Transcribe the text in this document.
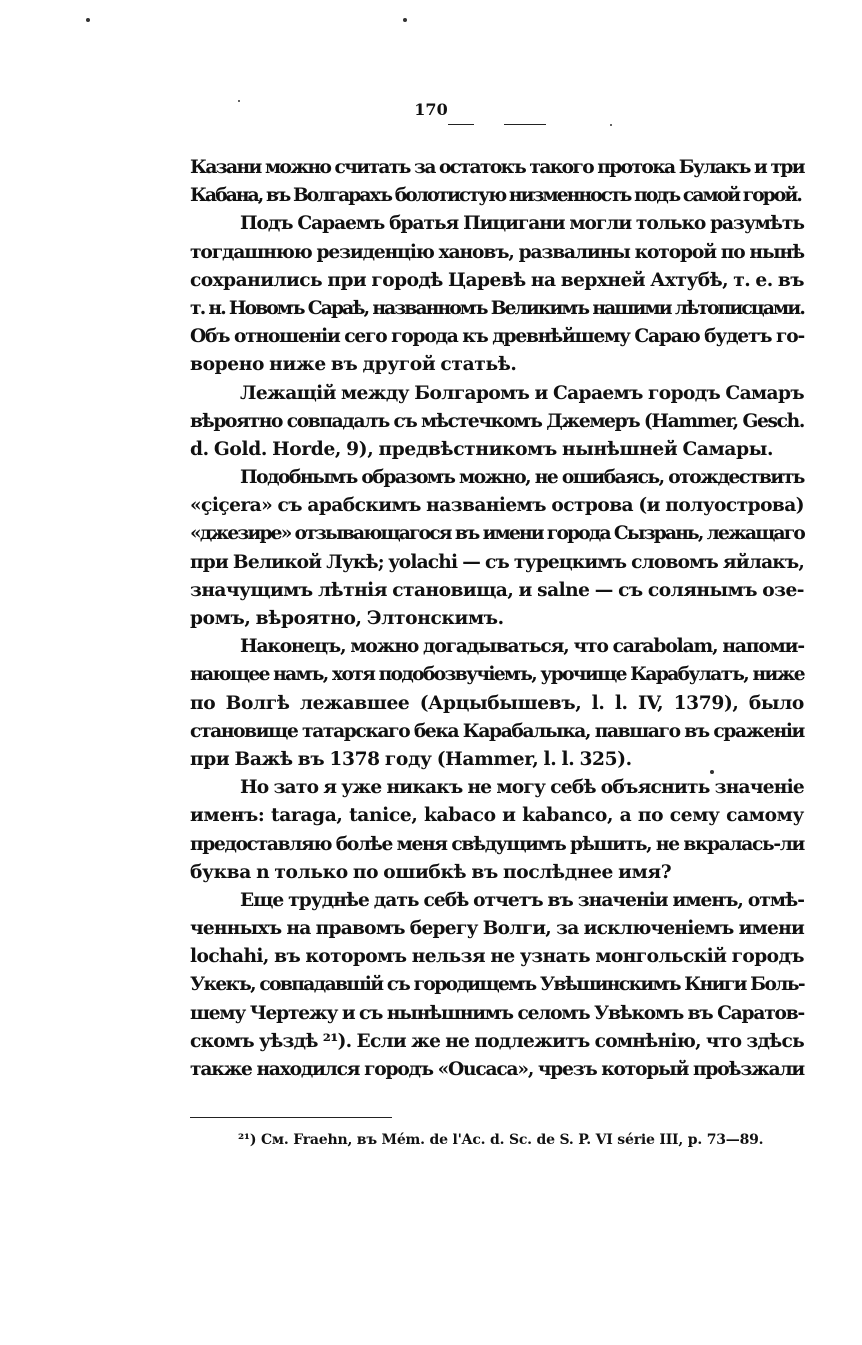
170
Казани можно считать за остатокъ такого протока Булакъ и три
Кабана, въ Волгарахъ болотистую низменность подъ самой горой.
Подъ Сараемъ братья Пицигани могли только разумѣть
тогдашнюю резиденцію хановъ, развалины которой по нынѣ
сохранились при городѣ Царевѣ на верхней Ахтубѣ, т. е. въ
т. н. Новомъ Сараѣ, названномъ Великимъ нашими лѣтописцами.
Объ отношеніи сего города къ древнѣйшему Сараю будетъ го-
ворено ниже въ другой статьѣ.
Лежащій между Болгаромъ и Сараемъ городъ Самаръ
вѣроятно совпадалъ съ мѣстечкомъ Джемеръ (Hammer, Gesch.
d. Gold. Horde, 9), предвѣстникомъ нынѣшней Самары.
Подобнымъ образомъ можно, не ошибаясь, отождествить
«çiçera» съ арабскимъ названіемъ острова (и полуострова)
«джезире» отзывающагося въ имени города Сызрань, лежащаго
при Великой Лукѣ; yolachi — съ турецкимъ словомъ яйлакъ,
значущимъ лѣтнія становища, и salne — съ солянымъ озе-
ромъ, вѣроятно, Элтонскимъ.
Наконецъ, можно догадываться, что carabolam, напоми-
нающее намъ, хотя подобозвучіемъ, урочище Карабулатъ, ниже
по Волгѣ лежавшее (Арцыбышевъ, l. l. IV, 1379), было
становище татарскаго бека Карабалыка, павшаго въ сраженіи
при Важѣ въ 1378 году (Hammer, l. l. 325).
Но зато я уже никакъ не могу себѣ объяснить значеніе
именъ: taraga, tanice, kabaco и kabanco, а по сему самому
предоставляю болѣе меня свѣдущимъ рѣшить, не вкралась-ли
буква n только по ошибкѣ въ послѣднее имя?
Еще труднѣе дать себѣ отчетъ въ значеніи именъ, отмѣ-
ченныхъ на правомъ берегу Волги, за исключеніемъ имени
lochahi, въ которомъ нельзя не узнать монгольскій городъ
Укекъ, совпадавшій съ городищемъ Увѣшинскимъ Книги Боль-
шему Чертежу и съ нынѣшнимъ селомъ Увѣкомъ въ Саратов-
скомъ уѣздѣ ²¹). Если же не подлежитъ сомнѣнію, что здѣсь
также находился городъ «Oucaca», чрезъ который проѣзжали
²¹) См. Fraehn, въ Mém. de l'Ac. d. Sc. de S. P. VI série III, p. 73—89.
